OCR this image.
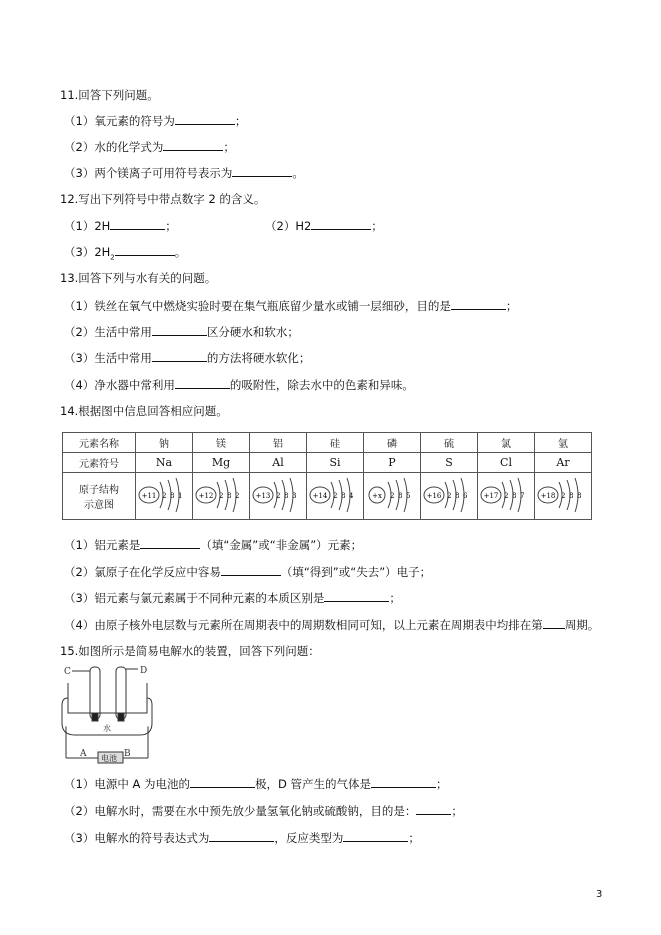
11.回答下列问题。
（1）氧元素的符号为	；
（2）水的化学式为	；
（3）两个镁离子可用符号表示为	。
12.写出下列符号中带点数字 2 的含义。
（1）2H	；	（2）H2	；
$(3)2H_2$	。
13.回答下列与水有关的问题。
（1）铁丝在氧气中燃烧实验时要在集气瓶底留少量水或铺一层细砂，目的是	；
（2）生活中常用	区分硬水和软水；
（3）生活中常用	的方法将硬水软化；
（4）净水器中常利用	的吸附性，除去水中的色素和异味。
14.根据图中信息回答相应问题。
元素名称	钠	镁	铝	硅	磷	硫	氯	氩
元素符号	Na	Mg	Al	Si	P	S	Cl	Ar
原子结构
示意图	+11 2 8 1	+12 2 8 2	+13 2 8 3	+14 2 8 4	+x 2 8 5	+16 2 8 6	+17 2 8 7	+18 2 8 8
（1）铝元素是	（填“金属”或“非金属”）元素；
（2）氯原子在化学反应中容易	（填“得到”或“失去”）电子；
（3）铝元素与氯元素属于不同种元素的本质区别是	；
（4）由原子核外电层数与元素所在周期表中的周期数相同可知，以上元素在周期表中均排在第 周期。
15.如图所示是简易电解水的装置，回答下列问题：
C	D
A	B
水
电池
（1）电源中 A 为电池的	极，D 管产生的气体是	；
（2）电解水时，需要在水中预先放少量氢氧化钠或硫酸钠，目的是：	；
（3）电解水的符号表达式为	，反应类型为	；
3
